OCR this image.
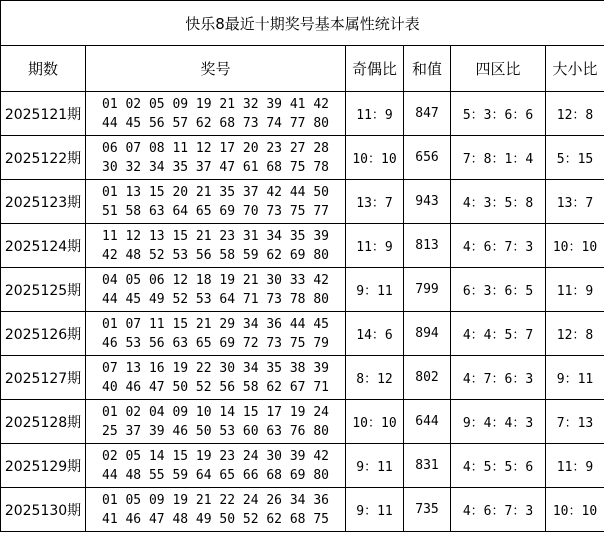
快乐8最近十期奖号基本属性统计表					
期数	奖号	奇偶比	和值	四区比	大小比
2025121期	01 02 05 09 19 21 32 39 41 42
44 45 56 57 62 68 73 74 77 80	11：9	847	5：3：6：6	12：8
2025122期	06 07 08 11 12 17 20 23 27 28
30 32 34 35 37 47 61 68 75 78	10：10	656	7：8：1：4	5：15
2025123期	01 13 15 20 21 35 37 42 44 50
51 58 63 64 65 69 70 73 75 77	13：7	943	4：3：5：8	13：7
2025124期	11 12 13 15 21 23 31 34 35 39
42 48 52 53 56 58 59 62 69 80	11：9	813	4：6：7：3	10：10
2025125期	04 05 06 12 18 19 21 30 33 42
44 45 49 52 53 64 71 73 78 80	9：11	799	6：3：6：5	11：9
2025126期	01 07 11 15 21 29 34 36 44 45
46 53 56 63 65 69 72 73 75 79	14：6	894	4：4：5：7	12：8
2025127期	07 13 16 19 22 30 34 35 38 39
40 46 47 50 52 56 58 62 67 71	8：12	802	4：7：6：3	9：11
2025128期	01 02 04 09 10 14 15 17 19 24
25 37 39 46 50 53 60 63 76 80	10：10	644	9：4：4：3	7：13
2025129期	02 05 14 15 19 23 24 30 39 42
44 48 55 59 64 65 66 68 69 80	9：11	831	4：5：5：6	11：9
2025130期	01 05 09 19 21 22 24 26 34 36
41 46 47 48 49 50 52 62 68 75	9：11	735	4：6：7：3	10：10
